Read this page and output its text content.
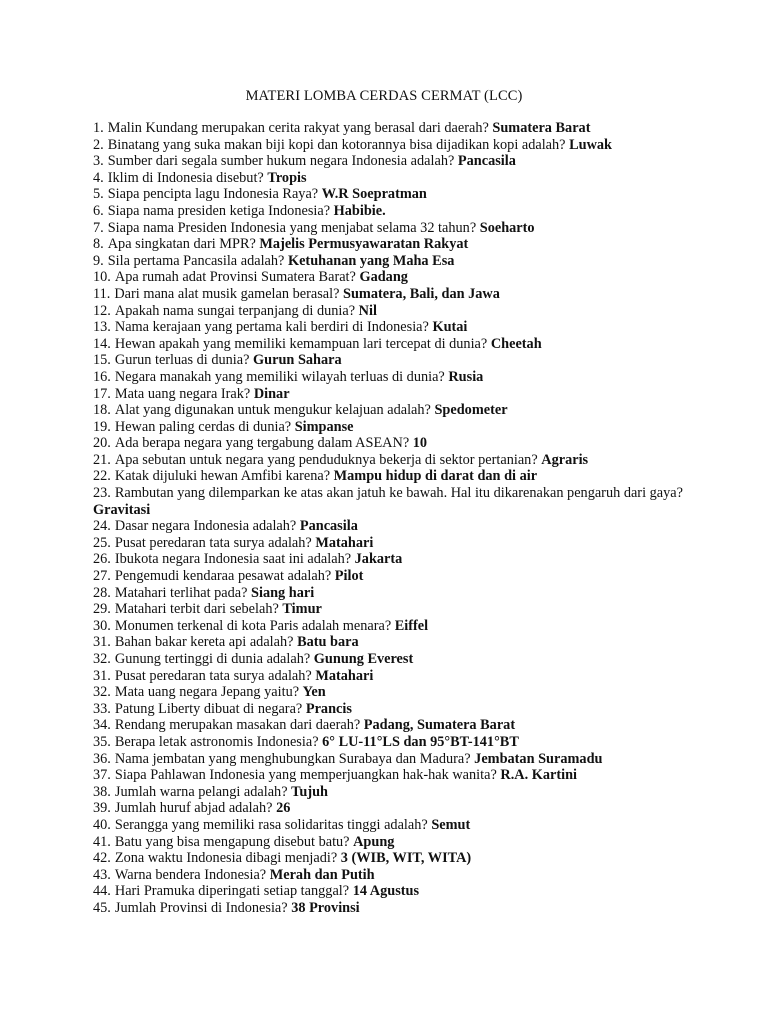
MATERI LOMBA CERDAS CERMAT (LCC)
1. Malin Kundang merupakan cerita rakyat yang berasal dari daerah? Sumatera Barat
2. Binatang yang suka makan biji kopi dan kotorannya bisa dijadikan kopi adalah? Luwak
3. Sumber dari segala sumber hukum negara Indonesia adalah? Pancasila
4. Iklim di Indonesia disebut? Tropis
5. Siapa pencipta lagu Indonesia Raya? W.R Soepratman
6. Siapa nama presiden ketiga Indonesia? Habibie.
7. Siapa nama Presiden Indonesia yang menjabat selama 32 tahun? Soeharto
8. Apa singkatan dari MPR? Majelis Permusyawaratan Rakyat
9. Sila pertama Pancasila adalah? Ketuhanan yang Maha Esa
10. Apa rumah adat Provinsi Sumatera Barat? Gadang
11. Dari mana alat musik gamelan berasal? Sumatera, Bali, dan Jawa
12. Apakah nama sungai terpanjang di dunia? Nil
13. Nama kerajaan yang pertama kali berdiri di Indonesia? Kutai
14. Hewan apakah yang memiliki kemampuan lari tercepat di dunia? Cheetah
15. Gurun terluas di dunia? Gurun Sahara
16. Negara manakah yang memiliki wilayah terluas di dunia? Rusia
17. Mata uang negara Irak? Dinar
18. Alat yang digunakan untuk mengukur kelajuan adalah? Spedometer
19. Hewan paling cerdas di dunia? Simpanse
20. Ada berapa negara yang tergabung dalam ASEAN? 10
21. Apa sebutan untuk negara yang penduduknya bekerja di sektor pertanian? Agraris
22. Katak dijuluki hewan Amfibi karena? Mampu hidup di darat dan di air
23. Rambutan yang dilemparkan ke atas akan jatuh ke bawah. Hal itu dikarenakan pengaruh dari gaya? Gravitasi
24. Dasar negara Indonesia adalah? Pancasila
25. Pusat peredaran tata surya adalah? Matahari
26. Ibukota negara Indonesia saat ini adalah? Jakarta
27. Pengemudi kendaraa pesawat adalah? Pilot
28. Matahari terlihat pada? Siang hari
29. Matahari terbit dari sebelah? Timur
30. Monumen terkenal di kota Paris adalah menara? Eiffel
31. Bahan bakar kereta api adalah? Batu bara
32. Gunung tertinggi di dunia adalah? Gunung Everest
31. Pusat peredaran tata surya adalah? Matahari
32. Mata uang negara Jepang yaitu? Yen
33. Patung Liberty dibuat di negara? Prancis
34. Rendang merupakan masakan dari daerah? Padang, Sumatera Barat
35. Berapa letak astronomis Indonesia? 6° LU-11°LS dan 95°BT-141°BT
36. Nama jembatan yang menghubungkan Surabaya dan Madura? Jembatan Suramadu
37. Siapa Pahlawan Indonesia yang memperjuangkan hak-hak wanita? R.A. Kartini
38. Jumlah warna pelangi adalah? Tujuh
39. Jumlah huruf abjad adalah? 26
40. Serangga yang memiliki rasa solidaritas tinggi adalah? Semut
41. Batu yang bisa mengapung disebut batu? Apung
42. Zona waktu Indonesia dibagi menjadi? 3 (WIB, WIT, WITA)
43. Warna bendera Indonesia? Merah dan Putih
44. Hari Pramuka diperingati setiap tanggal? 14 Agustus
45. Jumlah Provinsi di Indonesia? 38 Provinsi
